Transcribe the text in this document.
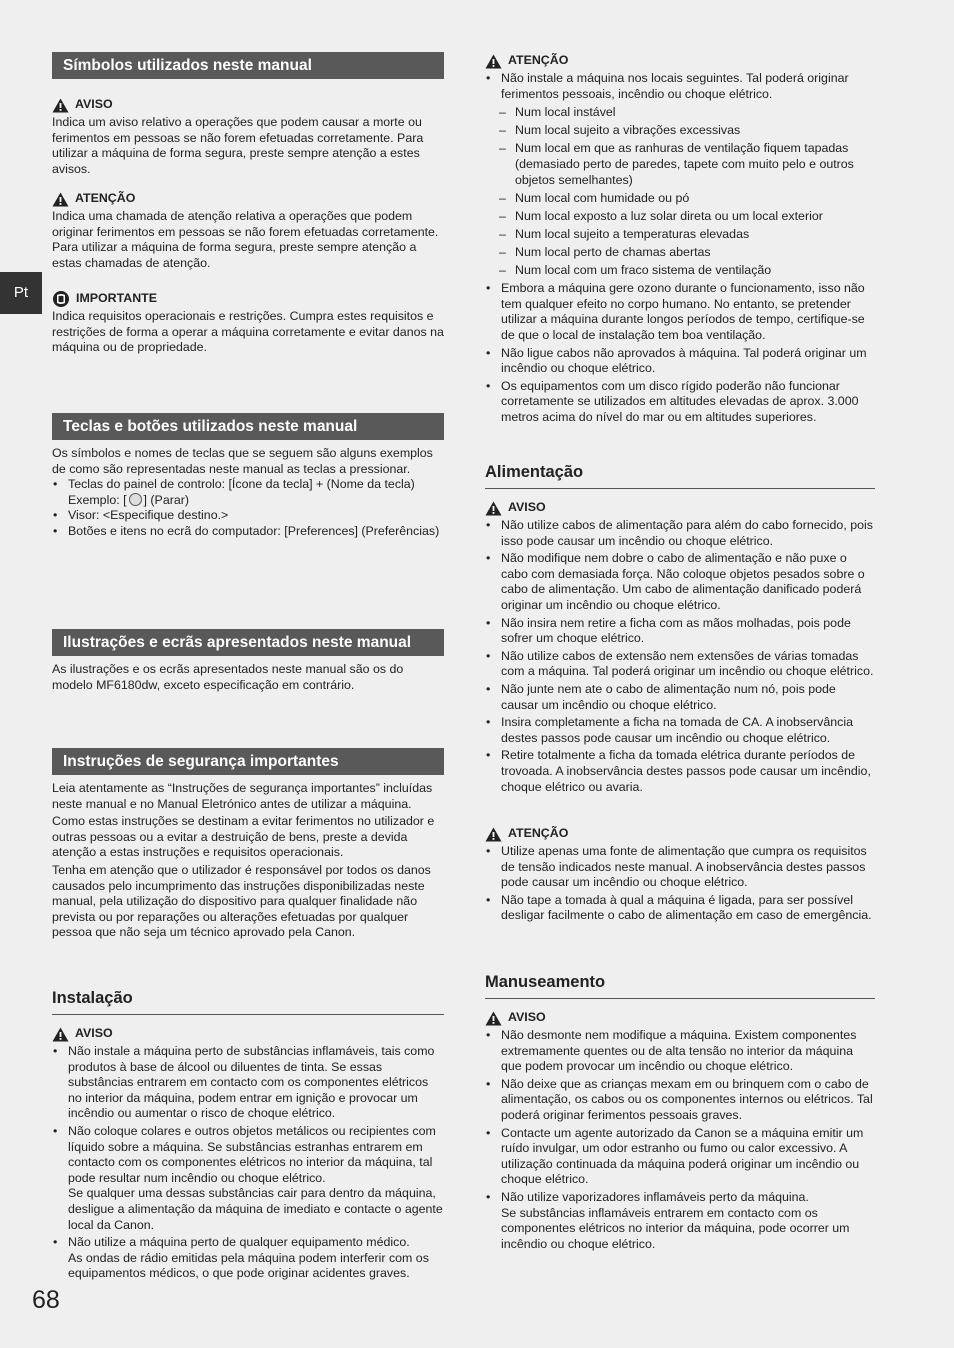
Pt
68
Símbolos utilizados neste manual
AVISO

Indica um aviso relativo a operações que podem causar a morte ou ferimentos em pessoas se não forem efetuadas corretamente. Para utilizar a máquina de forma segura, preste sempre atenção a estes avisos.

ATENÇÃO

Indica uma chamada de atenção relativa a operações que podem originar ferimentos em pessoas se não forem efetuadas corretamente. Para utilizar a máquina de forma segura, preste sempre atenção a estas chamadas de atenção.

IMPORTANTE

Indica requisitos operacionais e restrições. Cumpra estes requisitos e restrições de forma a operar a máquina corretamente e evitar danos na máquina ou de propriedade.

Teclas e botões utilizados neste manual

Os símbolos e nomes de teclas que se seguem são alguns exemplos de como são representadas neste manual as teclas a pressionar.

• Teclas do painel de controlo: [Ícone da tecla] + (Nome da tecla)
Exemplo: [ ] (Parar)
• Visor: <Especifique destino.>
• Botões e itens no ecrã do computador: [Preferences] (Preferências)
Ilustrações e ecrãs apresentados neste manual

As ilustrações e os ecrãs apresentados neste manual são os do modelo MF6180dw, exceto especificação em contrário.

Instruções de segurança importantes

Leia atentamente as “Instruções de segurança importantes” incluídas neste manual e no Manual Eletrónico antes de utilizar a máquina.

Como estas instruções se destinam a evitar ferimentos no utilizador e outras pessoas ou a evitar a destruição de bens, preste a devida atenção a estas instruções e requisitos operacionais.

Tenha em atenção que o utilizador é responsável por todos os danos causados pelo incumprimento das instruções disponibilizadas neste manual, pela utilização do dispositivo para qualquer finalidade não prevista ou por reparações ou alterações efetuadas por qualquer pessoa que não seja um técnico aprovado pela Canon.

Instalação
AVISO
• Não instale a máquina perto de substâncias inflamáveis, tais como produtos à base de álcool ou diluentes de tinta. Se essas substâncias entrarem em contacto com os componentes elétricos no interior da máquina, podem entrar em ignição e provocar um incêndio ou aumentar o risco de choque elétrico.
• Não coloque colares e outros objetos metálicos ou recipientes com líquido sobre a máquina. Se substâncias estranhas entrarem em contacto com os componentes elétricos no interior da máquina, tal pode resultar num incêndio ou choque elétrico.
Se qualquer uma dessas substâncias cair para dentro da máquina, desligue a alimentação da máquina de imediato e contacte o agente local da Canon.
• Não utilize a máquina perto de qualquer equipamento médico.
As ondas de rádio emitidas pela máquina podem interferir com os equipamentos médicos, o que pode originar acidentes graves.
ATENÇÃO
• Não instale a máquina nos locais seguintes. Tal poderá originar ferimentos pessoais, incêndio ou choque elétrico.
– Num local instável
– Num local sujeito a vibrações excessivas
– Num local em que as ranhuras de ventilação fiquem tapadas (demasiado perto de paredes, tapete com muito pelo e outros objetos semelhantes)
– Num local com humidade ou pó
– Num local exposto a luz solar direta ou um local exterior
– Num local sujeito a temperaturas elevadas
– Num local perto de chamas abertas
– Num local com um fraco sistema de ventilação
• Embora a máquina gere ozono durante o funcionamento, isso não tem qualquer efeito no corpo humano. No entanto, se pretender utilizar a máquina durante longos períodos de tempo, certifique-se de que o local de instalação tem boa ventilação.
• Não ligue cabos não aprovados à máquina. Tal poderá originar um incêndio ou choque elétrico.
• Os equipamentos com um disco rígido poderão não funcionar corretamente se utilizados em altitudes elevadas de aprox. 3.000 metros acima do nível do mar ou em altitudes superiores.
Alimentação
AVISO
• Não utilize cabos de alimentação para além do cabo fornecido, pois isso pode causar um incêndio ou choque elétrico.
• Não modifique nem dobre o cabo de alimentação e não puxe o cabo com demasiada força. Não coloque objetos pesados sobre o cabo de alimentação. Um cabo de alimentação danificado poderá originar um incêndio ou choque elétrico.
• Não insira nem retire a ficha com as mãos molhadas, pois pode sofrer um choque elétrico.
• Não utilize cabos de extensão nem extensões de várias tomadas com a máquina. Tal poderá originar um incêndio ou choque elétrico.
• Não junte nem ate o cabo de alimentação num nó, pois pode causar um incêndio ou choque elétrico.
• Insira completamente a ficha na tomada de CA. A inobservância destes passos pode causar um incêndio ou choque elétrico.
• Retire totalmente a ficha da tomada elétrica durante períodos de trovoada. A inobservância destes passos pode causar um incêndio, choque elétrico ou avaria.
ATENÇÃO
• Utilize apenas uma fonte de alimentação que cumpra os requisitos de tensão indicados neste manual. A inobservância destes passos pode causar um incêndio ou choque elétrico.
• Não tape a tomada à qual a máquina é ligada, para ser possível desligar facilmente o cabo de alimentação em caso de emergência.
Manuseamento
AVISO
• Não desmonte nem modifique a máquina. Existem componentes extremamente quentes ou de alta tensão no interior da máquina que podem provocar um incêndio ou choque elétrico.
• Não deixe que as crianças mexam em ou brinquem com o cabo de alimentação, os cabos ou os componentes internos ou elétricos. Tal poderá originar ferimentos pessoais graves.
• Contacte um agente autorizado da Canon se a máquina emitir um ruído invulgar, um odor estranho ou fumo ou calor excessivo. A utilização continuada da máquina poderá originar um incêndio ou choque elétrico.
• Não utilize vaporizadores inflamáveis perto da máquina.
Se substâncias inflamáveis entrarem em contacto com os componentes elétricos no interior da máquina, pode ocorrer um incêndio ou choque elétrico.
